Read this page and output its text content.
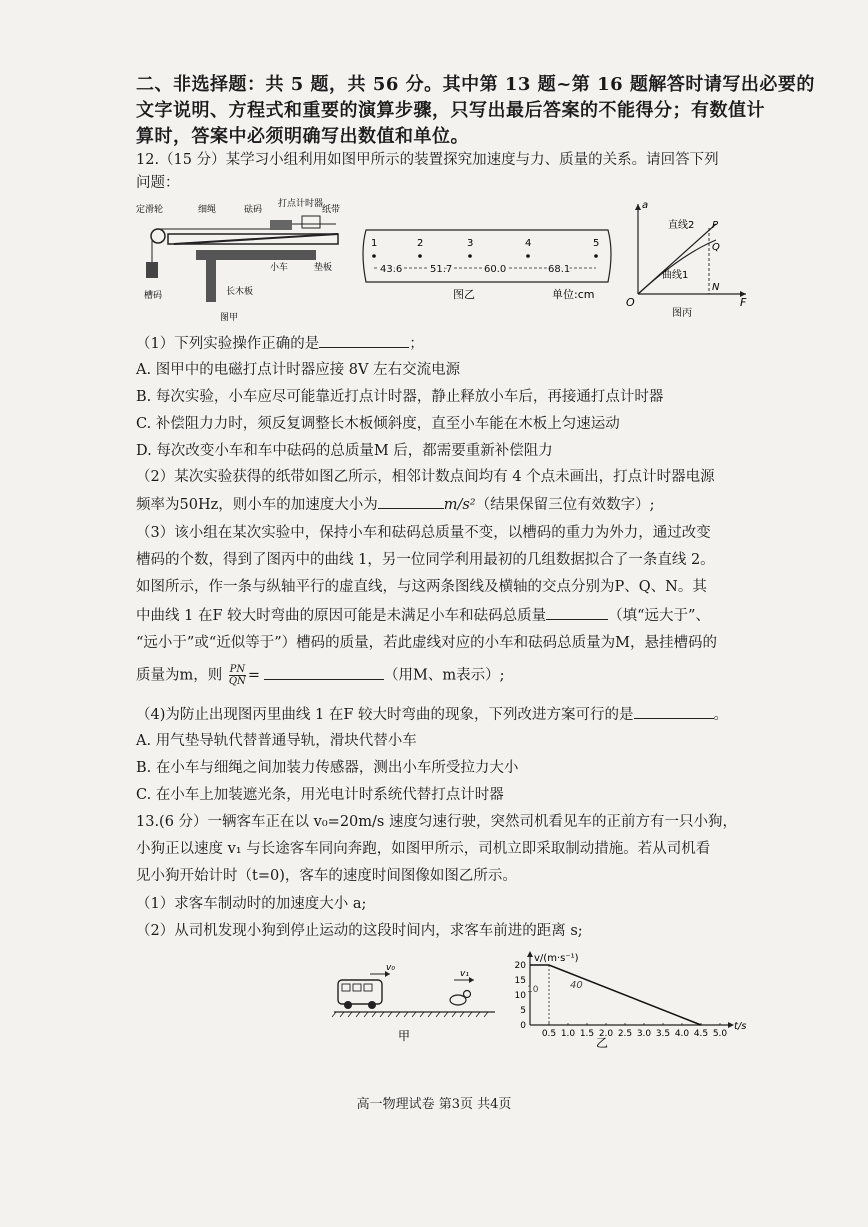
二、非选择题：共 5 题，共 56 分。其中第 13 题~第 16 题解答时请写出必要的
文字说明、方程式和重要的演算步骤，只写出最后答案的不能得分；有数值计
算时，答案中必须明确写出数值和单位。
12.（15 分）某学习小组利用如图甲所示的装置探究加速度与力、质量的关系。请回答下列
问题：
定滑轮	细绳	砝码
打点计时器
纸带
小车	垫板
长木板
槽码
图甲
1	2	3	4	5
43.6	51.7	60.0	68.1
图乙	单位:cm
a
F
O
直线2
曲线1
P
Q
N
图丙
（1）下列实验操作正确的是	；
A. 图甲中的电磁打点计时器应接 8V 左右交流电源
B. 每次实验，小车应尽可能靠近打点计时器，静止释放小车后，再接通打点计时器
C. 补偿阻力力时，须反复调整长木板倾斜度，直至小车能在木板上匀速运动
D. 每次改变小车和车中砝码的总质量M 后，都需要重新补偿阻力
（2）某次实验获得的纸带如图乙所示，相邻计数点间均有 4 个点未画出，打点计时器电源
频率为50Hz，则小车的加速度大小为	m/s²（结果保留三位有效数字）;
（3）该小组在某次实验中，保持小车和砝码总质量不变，以槽码的重力为外力，通过改变
槽码的个数，得到了图丙中的曲线 1，另一位同学利用最初的几组数据拟合了一条直线 2。
如图所示，作一条与纵轴平行的虚直线，与这两条图线及横轴的交点分别为P、Q、N。其
中曲线 1 在F 较大时弯曲的原因可能是未满足小车和砝码总质量	（填“远大于”、
“远小于”或“近似等于”）槽码的质量，若此虚线对应的小车和砝码总质量为M，悬挂槽码的
质量为m，则 $\frac{PN}{QN}$ =	（用M、m表示）;
（4)为防止出现图丙里曲线 1 在F 较大时弯曲的现象，下列改进方案可行的是	。
A. 用气垫导轨代替普通导轨，滑块代替小车
B. 在小车与细绳之间加装力传感器，测出小车所受拉力大小
C. 在小车上加装遮光条，用光电计时系统代替打点计时器
13.(6 分）一辆客车正在以 v₀=20m/s 速度匀速行驶，突然司机看见车的正前方有一只小狗，
小狗正以速度 v₁ 与长途客车同向奔跑，如图甲所示，司机立即采取制动措施。若从司机看
见小狗开始计时（t=0)，客车的速度时间图像如图乙所示。
（1）求客车制动时的加速度大小 a;
（2）从司机发现小狗到停止运动的这段时间内，求客车前进的距离 s;
v₀
v₁
甲
20
15
10
5
0
0.5 1.0 1.5 2.0 2.5 3.0 3.5 4.0 4.5 5.0
v/(m·s⁻¹)
t/s
10	40
乙
高一物理试卷 第3页 共4页
